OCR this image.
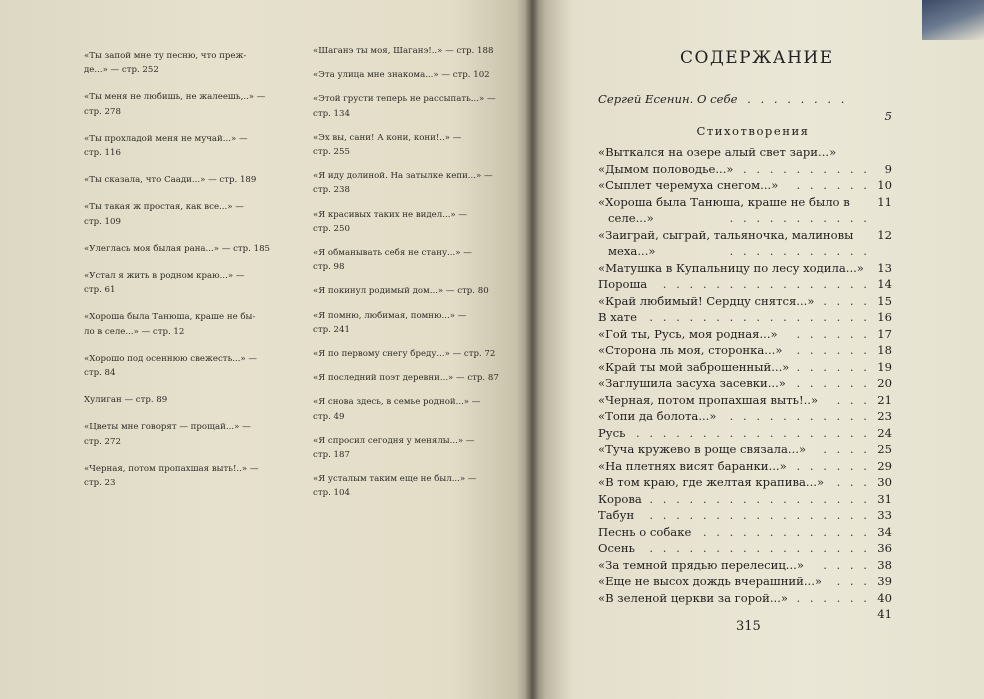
«Ты запой мне ту песню, что преж-
де...» — стр. 252
«Ты меня не любишь, не жалеешь,..» —
стр. 278
«Ты прохладой меня не мучай...» —
стр. 116
«Ты сказала, что Саади...» — стр. 189
«Ты такая ж простая, как все...» —
стр. 109
«Улеглась моя былая рана...» — стр. 185
«Устал я жить в родном краю...» —
стр. 61
«Хороша была Танюша, краше не бы-
ло в селе...» — стр. 12
«Хорошо под осеннюю свежесть...» —
стр. 84
Хулиган — стр. 89
«Цветы мне говорят — прощай...» —
стр. 272
«Черная, потом пропахшая выть!..» —
стр. 23
«Шаганэ ты моя, Шаганэ!..» — стр. 188
«Эта улица мне знакома...» — стр. 102
«Этой грусти теперь не рассыпать...» —
стр. 134
«Эх вы, сани! А кони, кони!..» —
стр. 255
«Я иду долиной. На затылке кепи...» —
стр. 238
«Я красивых таких не видел...» —
стр. 250
«Я обманывать себя не стану...» —
стр. 98
«Я покинул родимый дом...» — стр. 80
«Я помню, любимая, помню...» —
стр. 241
«Я по первому снегу бреду...» — стр. 72
«Я последний поэт деревни...» — стр. 87
«Я снова здесь, в семье родной...» —
стр. 49
«Я спросил сегодня у менялы...» —
стр. 187
«Я усталым таким еще не был...» —
стр. 104
СОДЕРЖАНИЕ
Сергей Есенин. О себе . . . . . . . .
5
Стихотворения
«Выткался на озере алый свет зари...»
«Дымом половодье...» . . . . . . . . . . 9
«Сыплет черемуха снегом...» . . . . . . 10
«Хороша была Танюша, краше не было в
селе...»	. . . . . . . . . . .
11
«Заиграй, сыграй, тальяночка, малиновы
меха...»	. . . . . . . . . . .
12
«Матушка в Купальницу по лесу ходила...» 13
Пороша . . . . . . . . . . . . . . . . 14
«Край любимый! Сердцу снятся...» . . . . 15
В хате . . . . . . . . . . . . . . . . . 16
«Гой ты, Русь, моя родная...» . . . . . . 17
«Сторона ль моя, сторонка...» . . . . . . 18
«Край ты мой заброшенный...» . . . . . . 19
«Заглушила засуха засевки...» . . . . . . 20
«Черная, потом пропахшая выть!..» . . . 21
«Топи да болота...» . . . . . . . . . . . 23
Русь . . . . . . . . . . . . . . . . . . 24
«Туча кружево в роще связала...» . . . . 25
«На плетнях висят баранки...» . . . . . . 29
«В том краю, где желтая крапива...» . . . 30
Корова . . . . . . . . . . . . . . . . . 31
Табун . . . . . . . . . . . . . . . . . 33
Песнь о собаке . . . . . . . . . . . . . 34
Осень . . . . . . . . . . . . . . . . . 36
«За темной прядью перелесиц...» . . . . 38
«Еще не высох дождь вчерашний...» . . . 39
«В зеленой церкви за горой...» . . . . . . 40
41
315
